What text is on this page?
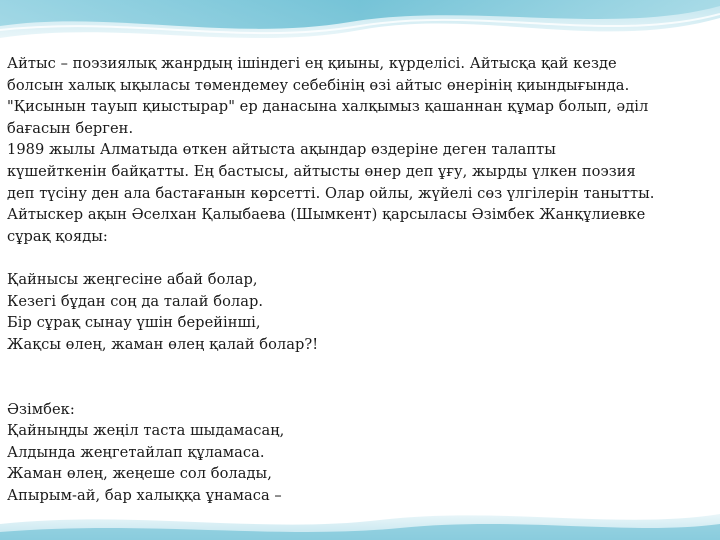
Айтыс – поэзиялық жанрдың ішіндегі ең қиыны, күрделісі. Айтысқа қай кезде
болсын халық ықыласы төмендемеу себебінің өзі айтыс өнерінің қиындығында.
"Қисынын тауып қиыстырар" ер данасына халқымыз қашаннан құмар болып, әділ
бағасын берген.

1989 жылы Алматыда өткен айтыста ақындар өздеріне деген талапты
күшейткенін байқатты. Ең бастысы, айтысты өнер деп ұғу, жырды үлкен поэзия
деп түсіну ден ала бастағанын көрсетті. Олар ойлы, жүйелі сөз үлгілерін танытты.
Айтыскер ақын Әселхан Қалыбаева (Шымкент) қарсыласы Әзімбек Жанқұлиевке
сұрақ қояды:

Қайнысы жеңгесіне абай болар,
Кезегі бұдан соң да талай болар.
Бір сұрақ сынау үшін берейінші,
Жақсы өлең, жаман өлең қалай болар?!

Әзімбек:
Қайныңды жеңіл таста шыдамасаң,
Алдында жеңгетайлап құламаса.
Жаман өлең, жеңеше сол болады,
Апырым-ай, бар халыққа ұнамаса –
